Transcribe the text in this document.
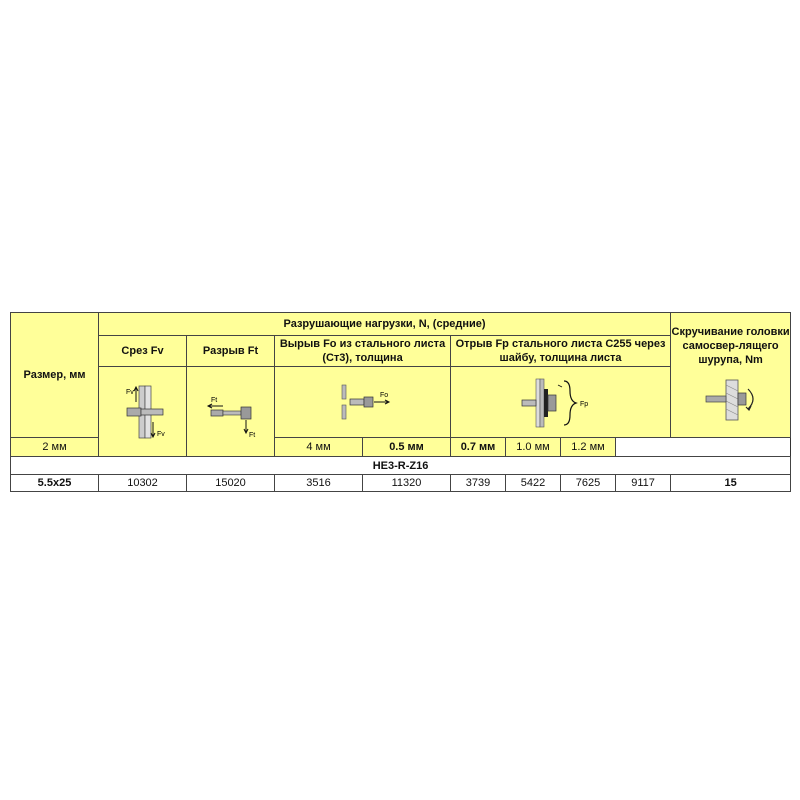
Размер, мм	Разрушающие нагрузки, N, (средние)								Скручивание головки самосвер-лящего шурупа, Nm

	Срез Fv	Разрыв Ft	Вырыв Fo из стального листа (Ст3), толщина		Отрыв Fp стального листа C255 через шайбу, толщина листа				

Fv
Fv	Ft
Ft	Fo		Fp				

2 мм			4 мм	0.5 мм	0.7 мм	1.0 мм	1.2 мм		
HE3-R-Z16									
5.5x25	10302	15020	3516	11320	3739	5422	7625	9117	15
